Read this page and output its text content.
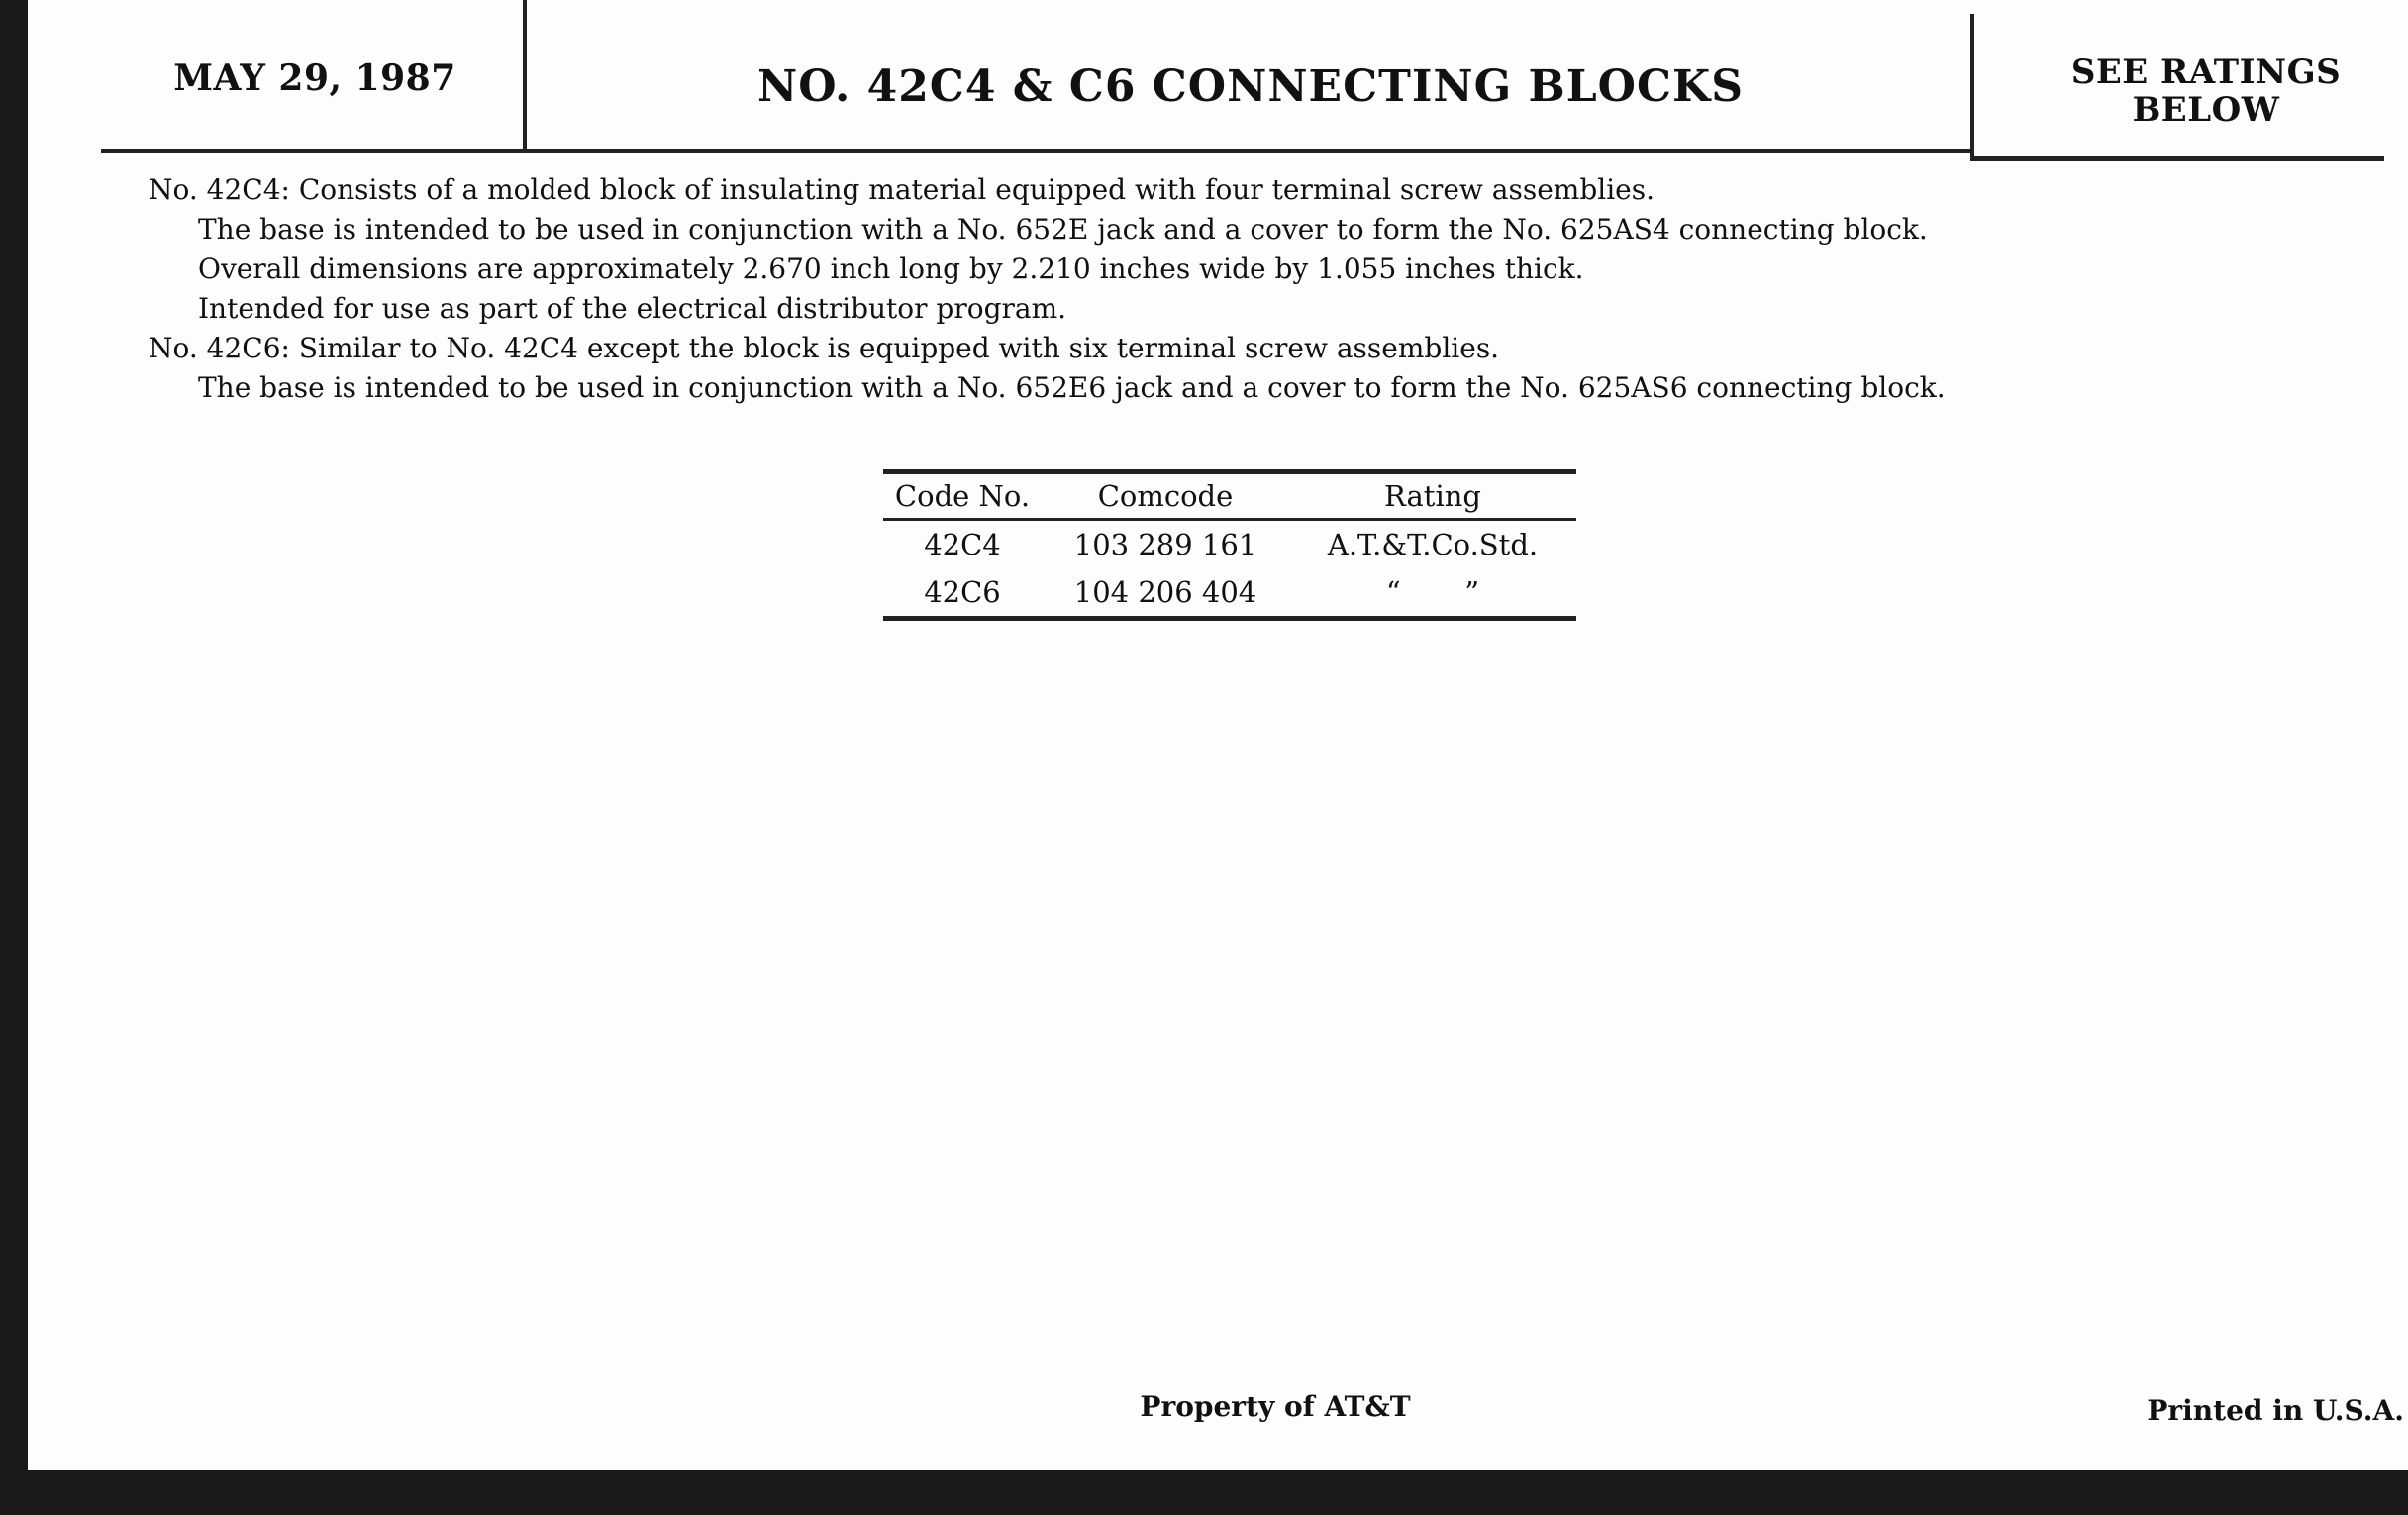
MAY 29, 1987	NO. 42C4 & C6 CONNECTING BLOCKS	SEE RATINGS
BELOW
No. 42C4: Consists of a molded block of insulating material equipped with four terminal screw assemblies.
The base is intended to be used in conjunction with a No. 652E jack and a cover to form the No. 625AS4 connecting block.
Overall dimensions are approximately 2.670 inch long by 2.210 inches wide by 1.055 inches thick.
Intended for use as part of the electrical distributor program.
No. 42C6: Similar to No. 42C4 except the block is equipped with six terminal screw assemblies.
The base is intended to be used in conjunction with a No. 652E6 jack and a cover to form the No. 625AS6 connecting block.
Code No.	Comcode	Rating

42C4	103 289 161	A.T.&T.Co.Std.
42C6	104 206 404	“       ”
Property of AT&T	Printed in U.S.A.
